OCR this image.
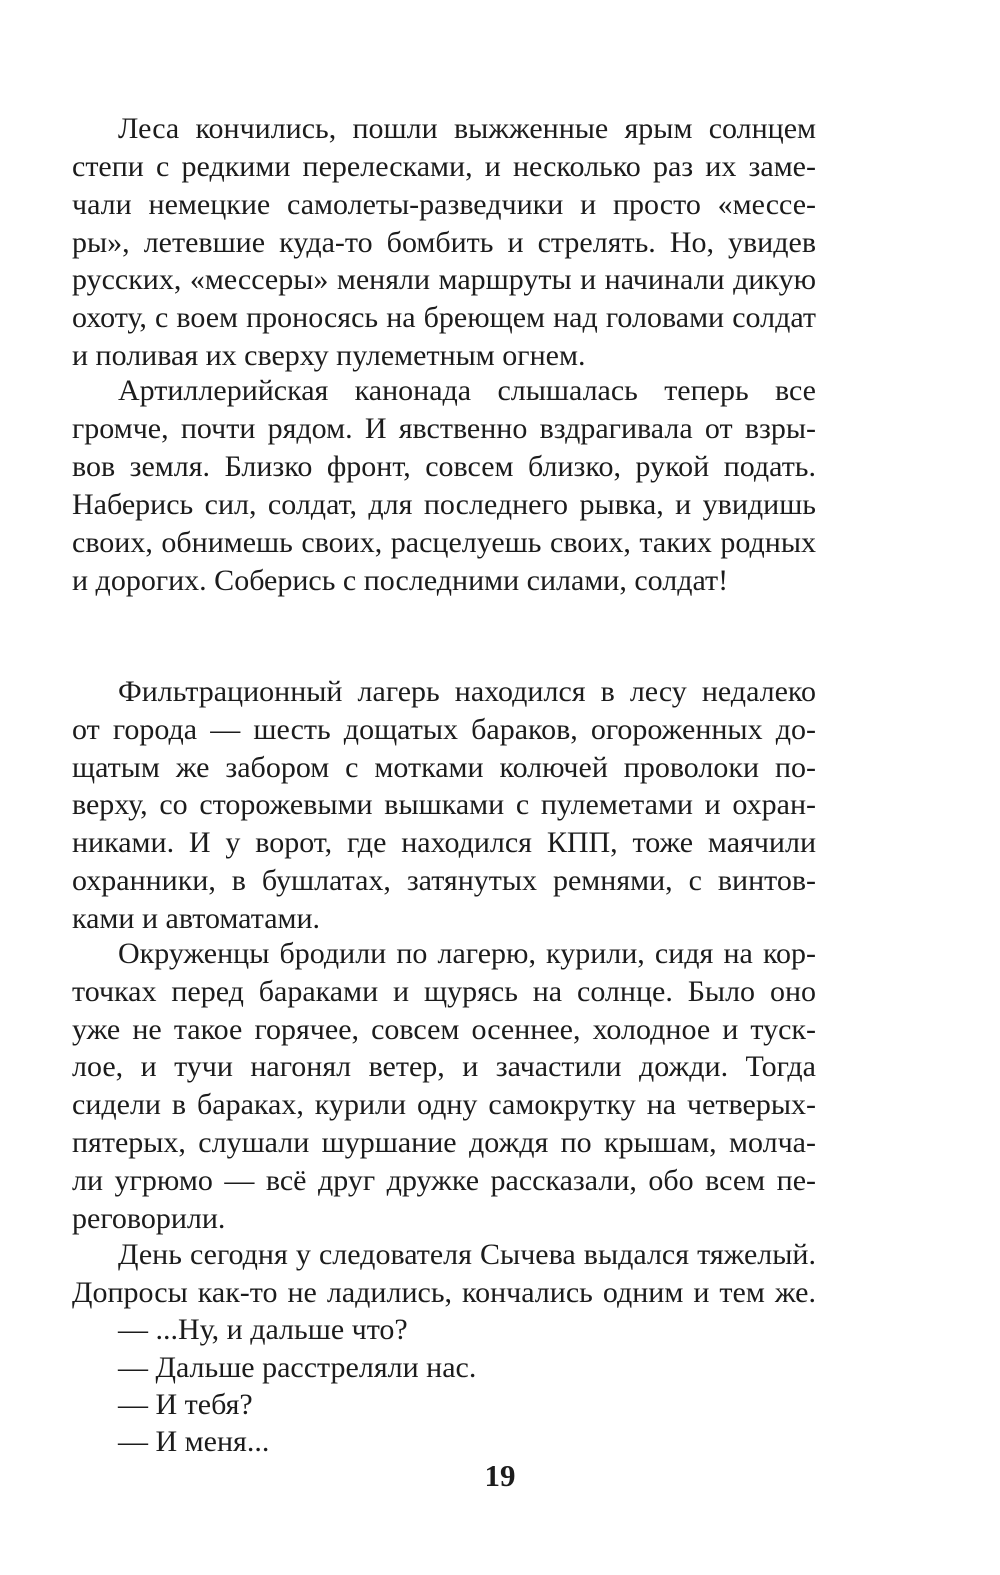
Леса кончились, пошли выжженные ярым солнцем
степи с редкими перелесками, и несколько раз их заме-
чали немецкие самолеты-разведчики и просто «мессе-
ры», летевшие куда-то бомбить и стрелять. Но, увидев
русских, «мессеры» меняли маршруты и начинали дикую
охоту, с воем проносясь на бреющем над головами солдат
и поливая их сверху пулеметным огнем.
Артиллерийская канонада слышалась теперь все
громче, почти рядом. И явственно вздрагивала от взры-
вов земля. Близко фронт, совсем близко, рукой подать.
Наберись сил, солдат, для последнего рывка, и увидишь
своих, обнимешь своих, расцелуешь своих, таких родных
и дорогих. Соберись с последними силами, солдат!
Фильтрационный лагерь находился в лесу недалеко
от города — шесть дощатых бараков, огороженных до-
щатым же забором с мотками колючей проволоки по-
верху, со сторожевыми вышками с пулеметами и охран-
никами. И у ворот, где находился КПП, тоже маячили
охранники, в бушлатах, затянутых ремнями, с винтов-
ками и автоматами.
Окруженцы бродили по лагерю, курили, сидя на кор-
точках перед бараками и щурясь на солнце. Было оно
уже не такое горячее, совсем осеннее, холодное и туск-
лое, и тучи нагонял ветер, и зачастили дожди. Тогда
сидели в бараках, курили одну самокрутку на четверых-
пятерых, слушали шуршание дождя по крышам, молча-
ли угрюмо — всё друг дружке рассказали, обо всем пе-
реговорили.
День сегодня у следователя Сычева выдался тяжелый.
Допросы как-то не ладились, кончались одним и тем же.
— ...Ну, и дальше что?
— Дальше расстреляли нас.
— И тебя?
— И меня...
19
